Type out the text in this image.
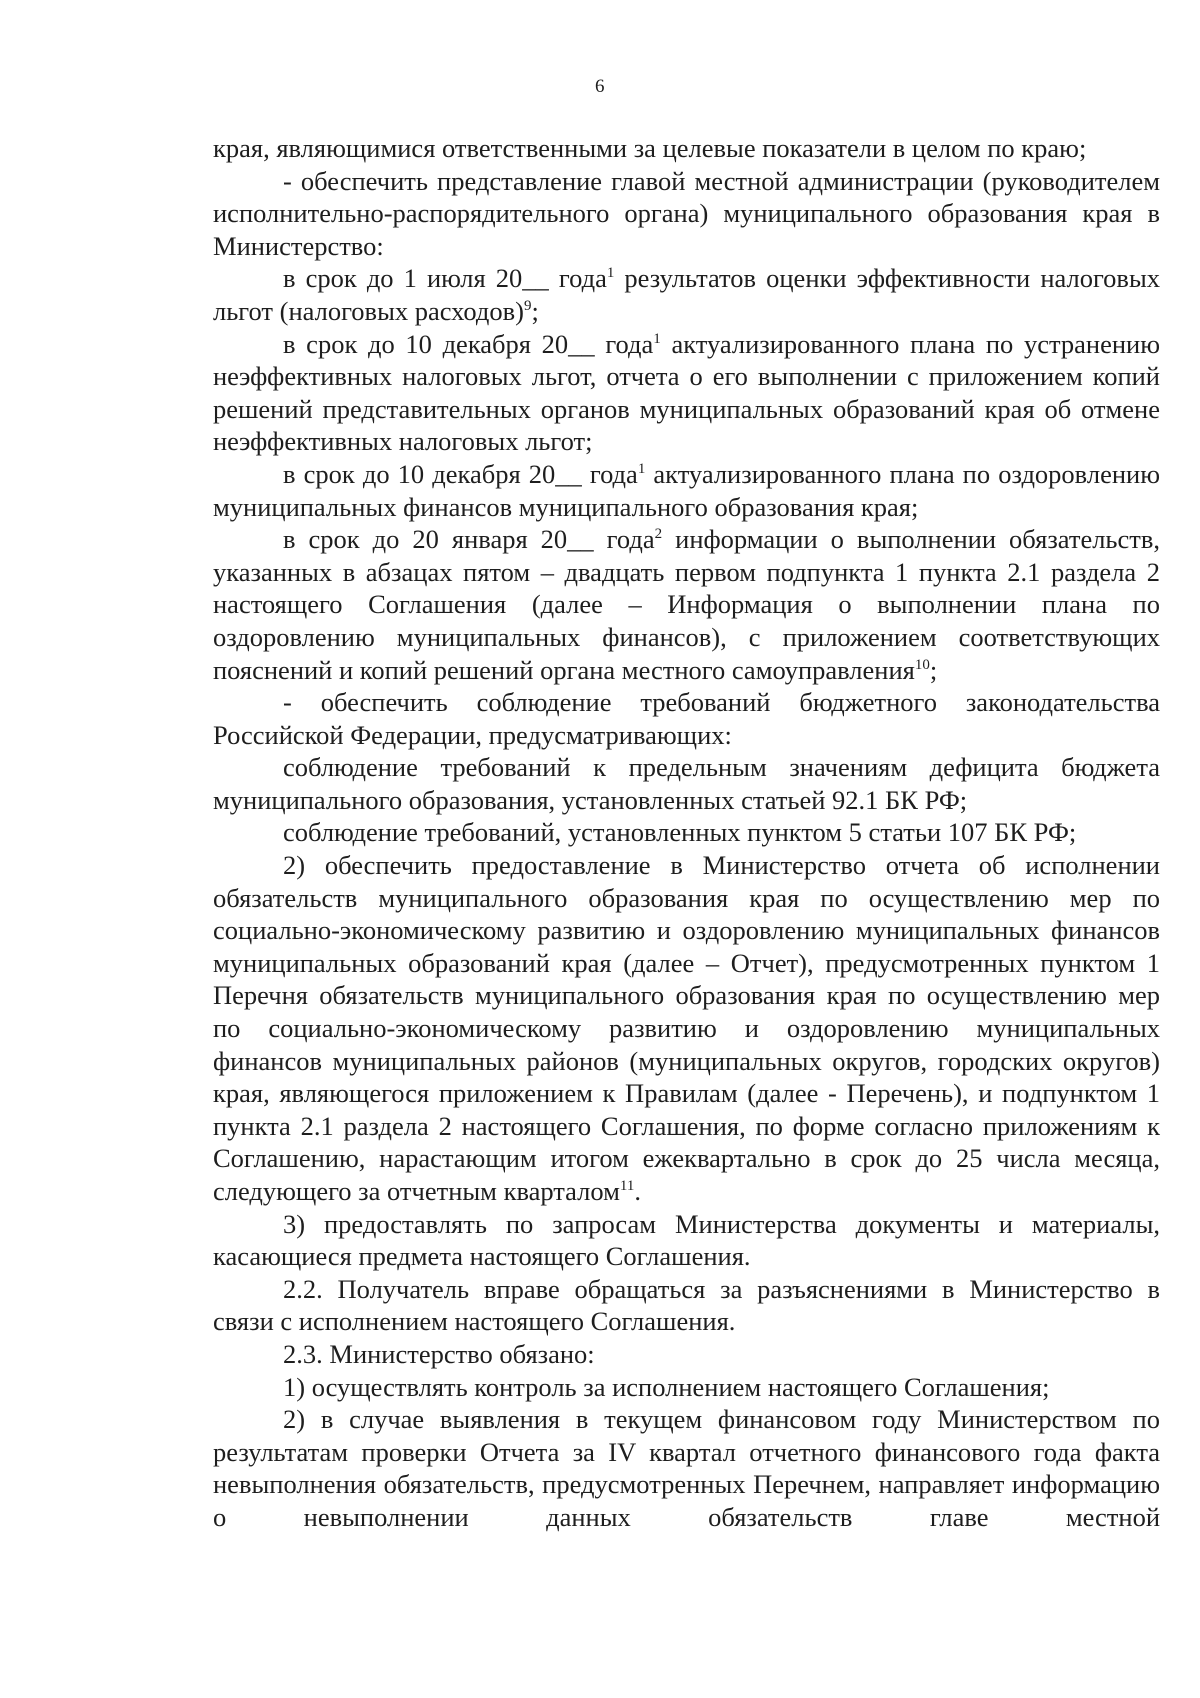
6

края, являющимися ответственными за целевые показатели в целом по краю;

- обеспечить представление главой местной администрации (руководителем исполнительно-распорядительного органа) муниципального образования края в Министерство:

в срок до 1 июля 20__ года$^1$ результатов оценки эффективности налоговых льгот (налоговых расходов)$^9$;

в срок до 10 декабря 20__ года$^1$ актуализированного плана по устранению неэффективных налоговых льгот, отчета о его выполнении с приложением копий решений представительных органов муниципальных образований края об отмене неэффективных налоговых льгот;

в срок до 10 декабря 20__ года$^1$ актуализированного плана по оздоровлению муниципальных финансов муниципального образования края;

в срок до 20 января 20__ года$^2$ информации о выполнении обязательств, указанных в абзацах пятом – двадцать первом подпункта 1 пункта 2.1 раздела 2 настоящего Соглашения (далее – Информация о выполнении плана по оздоровлению муниципальных финансов), с приложением соответствующих пояснений и копий решений органа местного самоуправления$^{10}$;

- обеспечить соблюдение требований бюджетного законодательства Российской Федерации, предусматривающих:

соблюдение требований к предельным значениям дефицита бюджета муниципального образования, установленных статьей 92.1 БК РФ;

соблюдение требований, установленных пунктом 5 статьи 107 БК РФ;

2) обеспечить предоставление в Министерство отчета об исполнении обязательств муниципального образования края по осуществлению мер по социально-экономическому развитию и оздоровлению муниципальных финансов муниципальных образований края (далее – Отчет), предусмотренных пунктом 1 Перечня обязательств муниципального образования края по осуществлению мер по социально-экономическому развитию и оздоровлению муниципальных финансов муниципальных районов (муниципальных округов, городских округов) края, являющегося приложением к Правилам (далее - Перечень), и подпунктом 1 пункта 2.1 раздела 2 настоящего Соглашения, по форме согласно приложениям к Соглашению, нарастающим итогом ежеквартально в срок до 25 числа месяца, следующего за отчетным кварталом$^{11}$.

3) предоставлять по запросам Министерства документы и материалы, касающиеся предмета настоящего Соглашения.

2.2. Получатель вправе обращаться за разъяснениями в Министерство в связи с исполнением настоящего Соглашения.

2.3. Министерство обязано:

1) осуществлять контроль за исполнением настоящего Соглашения;

2) в случае выявления в текущем финансовом году Министерством по результатам проверки Отчета за IV квартал отчетного финансового года факта невыполнения обязательств, предусмотренных Перечнем, направляет информацию о невыполнении данных обязательств главе местной
